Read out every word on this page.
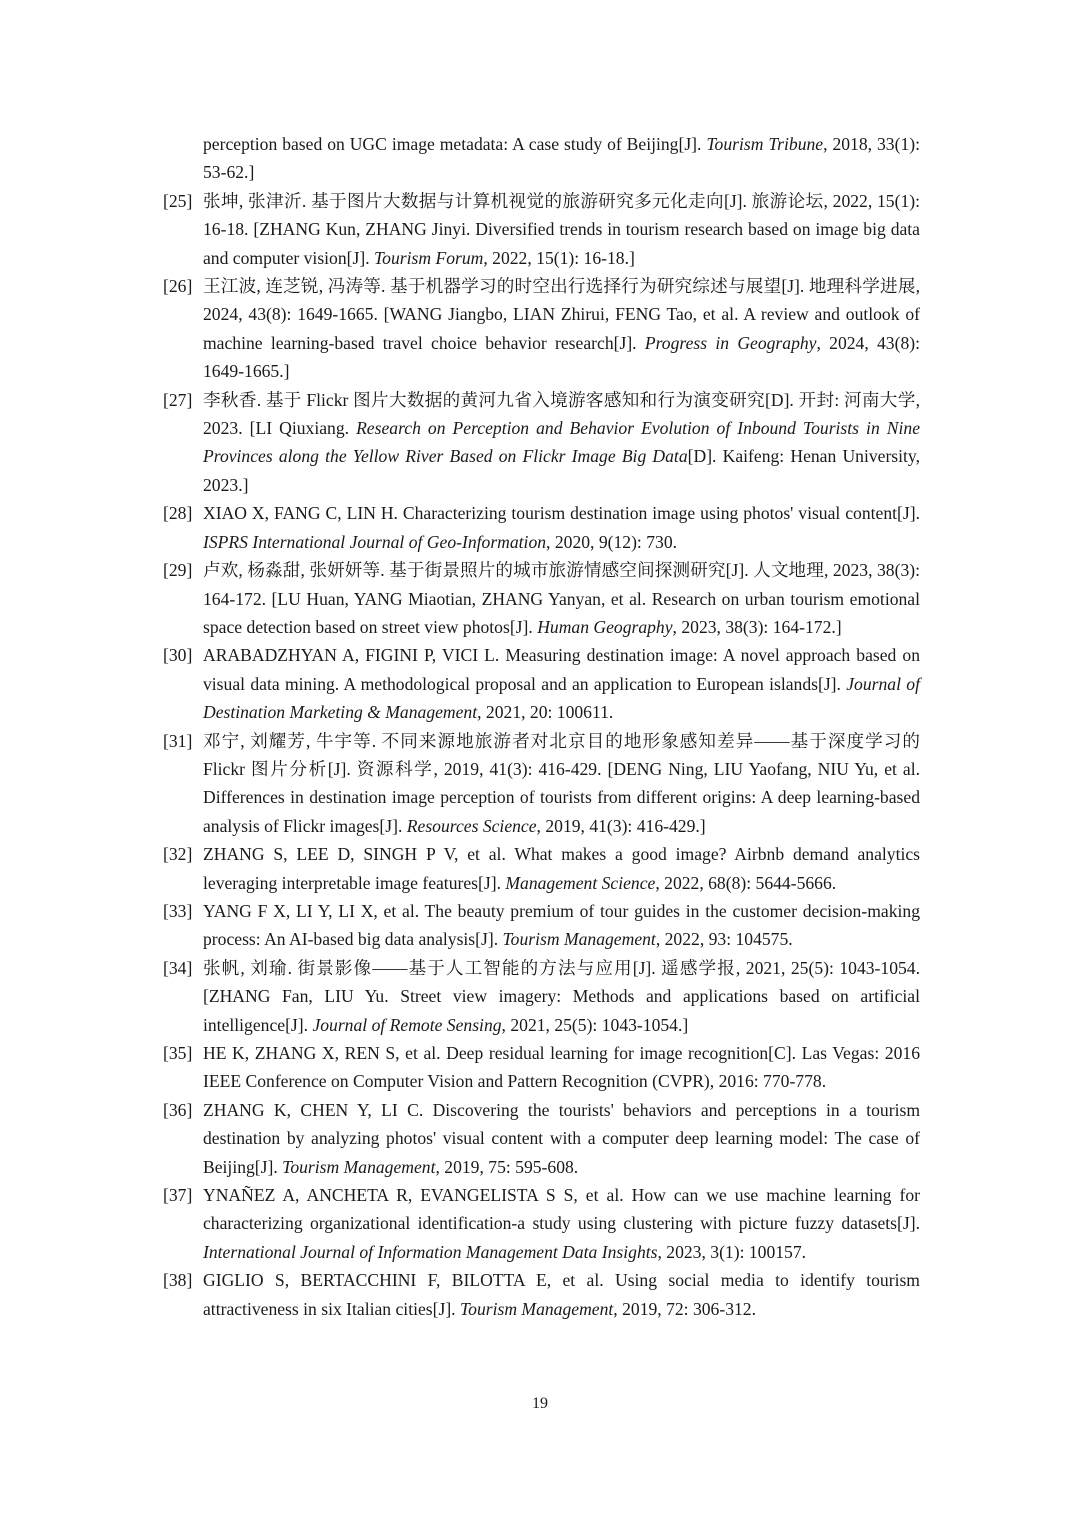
perception based on UGC image metadata: A case study of Beijing[J]. Tourism Tribune, 2018, 33(1): 53-62.]
[25] 张坤, 张津沂. 基于图片大数据与计算机视觉的旅游研究多元化走向[J]. 旅游论坛, 2022, 15(1): 16-18. [ZHANG Kun, ZHANG Jinyi. Diversified trends in tourism research based on image big data and computer vision[J]. Tourism Forum, 2022, 15(1): 16-18.]
[26] 王江波, 连芝锐, 冯涛等. 基于机器学习的时空出行选择行为研究综述与展望[J]. 地理科学进展, 2024, 43(8): 1649-1665. [WANG Jiangbo, LIAN Zhirui, FENG Tao, et al. A review and outlook of machine learning-based travel choice behavior research[J]. Progress in Geography, 2024, 43(8): 1649-1665.]
[27] 李秋香. 基于 Flickr 图片大数据的黄河九省入境游客感知和行为演变研究[D]. 开封: 河南大学, 2023. [LI Qiuxiang. Research on Perception and Behavior Evolution of Inbound Tourists in Nine Provinces along the Yellow River Based on Flickr Image Big Data[D]. Kaifeng: Henan University, 2023.]
[28] XIAO X, FANG C, LIN H. Characterizing tourism destination image using photos' visual content[J]. ISPRS International Journal of Geo-Information, 2020, 9(12): 730.
[29] 卢欢, 杨淼甜, 张妍妍等. 基于街景照片的城市旅游情感空间探测研究[J]. 人文地理, 2023, 38(3): 164-172. [LU Huan, YANG Miaotian, ZHANG Yanyan, et al. Research on urban tourism emotional space detection based on street view photos[J]. Human Geography, 2023, 38(3): 164-172.]
[30] ARABADZHYAN A, FIGINI P, VICI L. Measuring destination image: A novel approach based on visual data mining. A methodological proposal and an application to European islands[J]. Journal of Destination Marketing & Management, 2021, 20: 100611.
[31] 邓宁, 刘耀芳, 牛宇等. 不同来源地旅游者对北京目的地形象感知差异——基于深度学习的 Flickr 图片分析[J]. 资源科学, 2019, 41(3): 416-429. [DENG Ning, LIU Yaofang, NIU Yu, et al. Differences in destination image perception of tourists from different origins: A deep learning-based analysis of Flickr images[J]. Resources Science, 2019, 41(3): 416-429.]
[32] ZHANG S, LEE D, SINGH P V, et al. What makes a good image? Airbnb demand analytics leveraging interpretable image features[J]. Management Science, 2022, 68(8): 5644-5666.
[33] YANG F X, LI Y, LI X, et al. The beauty premium of tour guides in the customer decision-making process: An AI-based big data analysis[J]. Tourism Management, 2022, 93: 104575.
[34] 张帆, 刘瑜. 街景影像——基于人工智能的方法与应用[J]. 遥感学报, 2021, 25(5): 1043-1054. [ZHANG Fan, LIU Yu. Street view imagery: Methods and applications based on artificial intelligence[J]. Journal of Remote Sensing, 2021, 25(5): 1043-1054.]
[35] HE K, ZHANG X, REN S, et al. Deep residual learning for image recognition[C]. Las Vegas: 2016 IEEE Conference on Computer Vision and Pattern Recognition (CVPR), 2016: 770-778.
[36] ZHANG K, CHEN Y, LI C. Discovering the tourists' behaviors and perceptions in a tourism destination by analyzing photos' visual content with a computer deep learning model: The case of Beijing[J]. Tourism Management, 2019, 75: 595-608.
[37] YNAÑEZ A, ANCHETA R, EVANGELISTA S S, et al. How can we use machine learning for characterizing organizational identification-a study using clustering with picture fuzzy datasets[J]. International Journal of Information Management Data Insights, 2023, 3(1): 100157.
[38] GIGLIO S, BERTACCHINI F, BILOTTA E, et al. Using social media to identify tourism attractiveness in six Italian cities[J]. Tourism Management, 2019, 72: 306-312.
19
